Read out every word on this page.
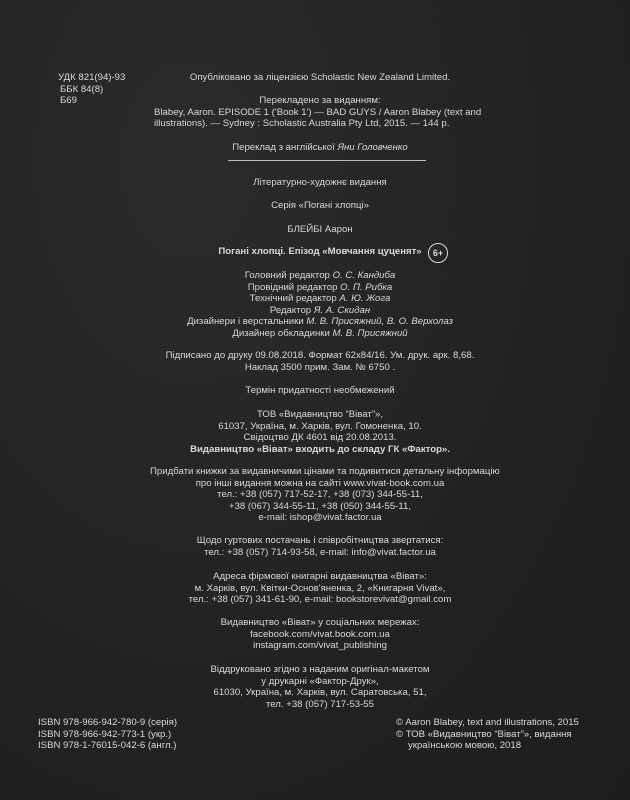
УДК 821(94)-93
ББК 84(8)
Б69
Опубліковано за ліцензією Scholastic New Zealand Limited.
Перекладено за виданням:
Blabey, Aaron. EPISODE 1 ('Book 1') — BAD GUYS / Aaron Blabey (text and
illustrations). — Sydney : Scholastic Australia Pty Ltd, 2015. — 144 p.
Переклад з англійської Яни Головченко
Літературно-художнє видання
Серія «Погані хлопці»
БЛЕЙБІ Аарон
Погані хлопці. Епізод «Мовчання цуценят»	6+
Головний редактор О. С. Кандиба
Провідний редактор О. П. Рибка
Технічний редактор А. Ю. Жога
Редактор Я. А. Скидан
Дизайнери і верстальники М. В. Присяжний, В. О. Верхолаз
Дизайнер обкладинки М. В. Присяжний
Підписано до друку 09.08.2018. Формат 62х84/16. Ум. друк. арк. 8,68.
Наклад 3500 прим. Зам. № 6750 .
Термін придатності необмежений
ТОВ «Видавництво “Віват”»,
61037, Україна, м. Харків, вул. Гомоненка, 10.
Свідоцтво ДК 4601 від 20.08.2013.
Видавництво «Віват» входить до складу ГК «Фактор».
Придбати книжки за видавничими цінами та подивитися детальну інформацію
про інші видання можна на сайті www.vivat-book.com.ua
тел.: +38 (057) 717-52-17, +38 (073) 344-55-11,
+38 (067) 344-55-11, +38 (050) 344-55-11,
e-mail: ishop@vivat.factor.ua
Щодо гуртових постачань і співробітництва звертатися:
тел.: +38 (057) 714-93-58, e-mail: info@vivat.factor.ua
Адреса фірмової книгарні видавництва «Віват»:
м. Харків, вул. Квітки-Основ'яненка, 2, «Книгарня Vivat»,
тел.: +38 (057) 341-61-90, e-mail: bookstorevivat@gmail.com
Видавництво «Віват» у соціальних мережах:
facebook.com/vivat.book.com.ua
instagram.com/vivat_publishing
Віддруковано згідно з наданим оригінал-макетом
у друкарні «Фактор-Друк»,
61030, Україна, м. Харків, вул. Саратовська, 51,
тел. +38 (057) 717-53-55
ISBN 978-966-942-780-9 (серія)
ISBN 978-966-942-773-1 (укр.)
ISBN 978-1-76015-042-6 (англ.)
© Aaron Blabey, text and illustrations, 2015
© ТОВ «Видавництво “Віват”», видання
українською мовою, 2018
